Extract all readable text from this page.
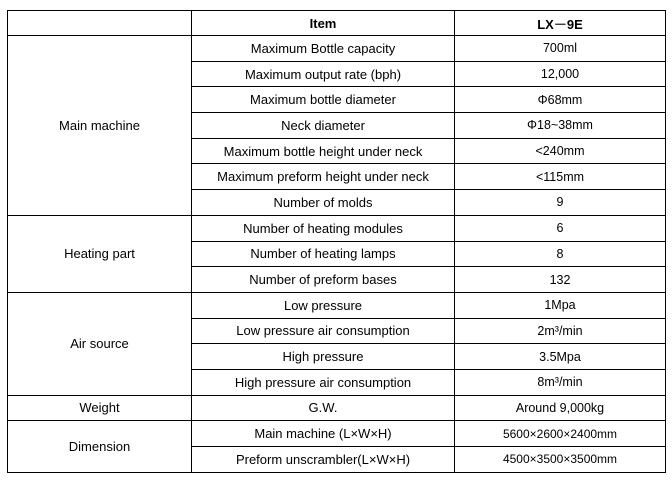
	Item	LX－9E
Main machine	Maximum Bottle capacity	700ml
	Maximum output rate (bph)	12,000
	Maximum bottle diameter	Φ68mm
	Neck diameter	Φ18~38mm
	Maximum bottle height under neck	<240mm
	Maximum preform height under neck	<115mm
	Number of molds	9
Heating part	Number of heating modules	6
	Number of heating lamps	8
	Number of preform bases	132
Air source	Low pressure	1Mpa
	Low pressure air consumption	2m³/min
	High pressure	3.5Mpa
	High pressure air consumption	8m³/min
Weight	G.W.	Around 9,000kg
Dimension	Main machine (L×W×H)	5600×2600×2400mm
	Preform unscrambler(L×W×H)	4500×3500×3500mm
